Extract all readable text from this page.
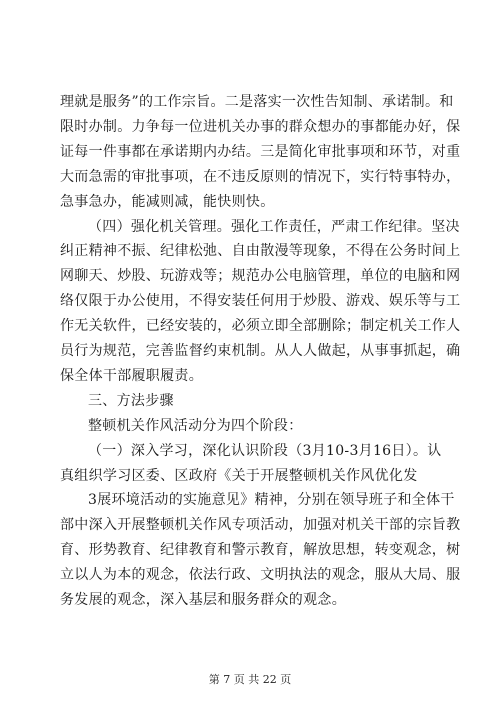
第 7 页 共 22 页
理就是服务”的工作宗旨。二是落实一次性告知制、承诺制。和
限时办制。力争每一位进机关办事的群众想办的事都能办好，保
证每一件事都在承诺期内办结。三是简化审批事项和环节，对重
大而急需的审批事项，在不违反原则的情况下，实行特事特办，
急事急办，能减则减，能快则快。
（四）强化机关管理。强化工作责任，严肃工作纪律。坚决
纠正精神不振、纪律松弛、自由散漫等现象，不得在公务时间上
网聊天、炒股、玩游戏等；规范办公电脑管理，单位的电脑和网
络仅限于办公使用，不得安装任何用于炒股、游戏、娱乐等与工
作无关软件，已经安装的，必须立即全部删除；制定机关工作人
员行为规范，完善监督约束机制。从人人做起，从事事抓起，确
保全体干部履职履责。
三、方法步骤
整顿机关作风活动分为四个阶段：
（一）深入学习，深化认识阶段（3月10-3月16日）。认
真组织学习区委、区政府《关于开展整顿机关作风优化发
3展环境活动的实施意见》精神，分别在领导班子和全体干
部中深入开展整顿机关作风专项活动，加强对机关干部的宗旨教
育、形势教育、纪律教育和警示教育，解放思想，转变观念，树
立以人为本的观念，依法行政、文明执法的观念，服从大局、服
务发展的观念，深入基层和服务群众的观念。
